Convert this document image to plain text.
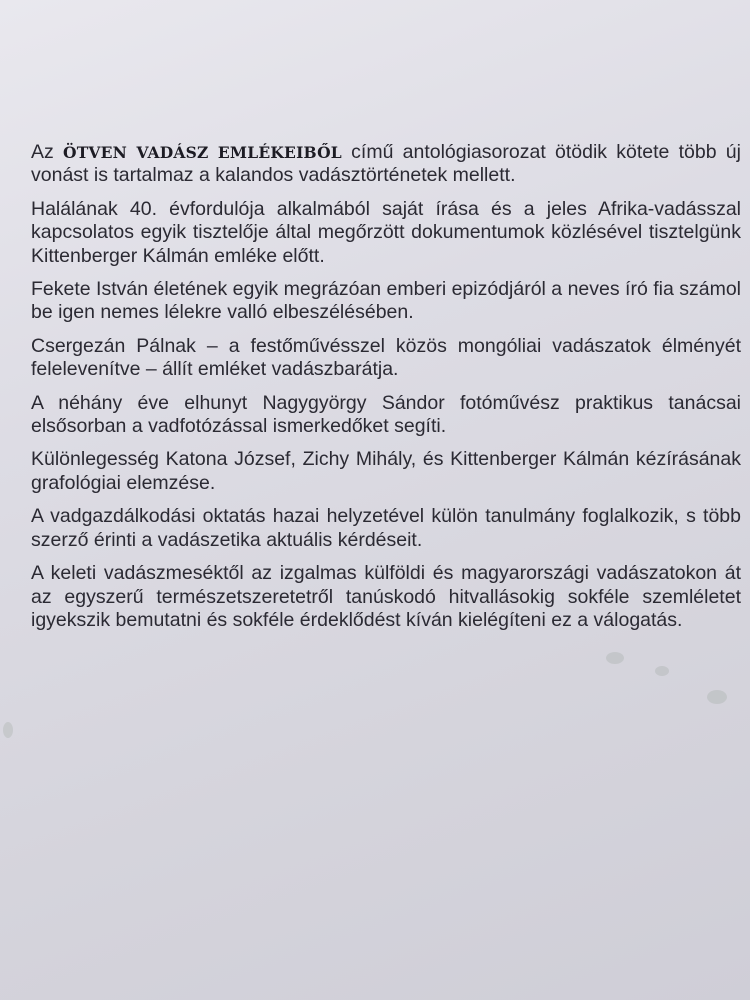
Az ÖTVEN VADÁSZ EMLÉKEIBŐL című antológiasorozat ötödik kötete több új vonást is tartalmaz a kalandos vadásztörténetek mellett.

Halálának 40. évfordulója alkalmából saját írása és a jeles Afrika-vadásszal kapcsolatos egyik tisztelője által megőrzött dokumentumok közlésével tisztelgünk Kittenberger Kálmán emléke előtt.

Fekete István életének egyik megrázóan emberi epizódjáról a neves író fia számol be igen nemes lélekre valló elbeszélésében.

Csergezán Pálnak – a festőművésszel közös mongóliai vadászatok élményét felelevenítve – állít emléket vadászbarátja.

A néhány éve elhunyt Nagygyörgy Sándor fotóművész praktikus tanácsai elsősorban a vadfotózással ismerkedőket segíti.

Különlegesség Katona József, Zichy Mihály, és Kittenberger Kálmán kézírásának grafológiai elemzése.

A vadgazdálkodási oktatás hazai helyzetével külön tanulmány foglalkozik, s több szerző érinti a vadászetika aktuális kérdéseit.

A keleti vadászmeséktől az izgalmas külföldi és magyarországi vadászatokon át az egyszerű természetszeretetről tanúskodó hitvallásokig sokféle szemléletet igyekszik bemutatni és sokféle érdeklődést kíván kielégíteni ez a válogatás.
